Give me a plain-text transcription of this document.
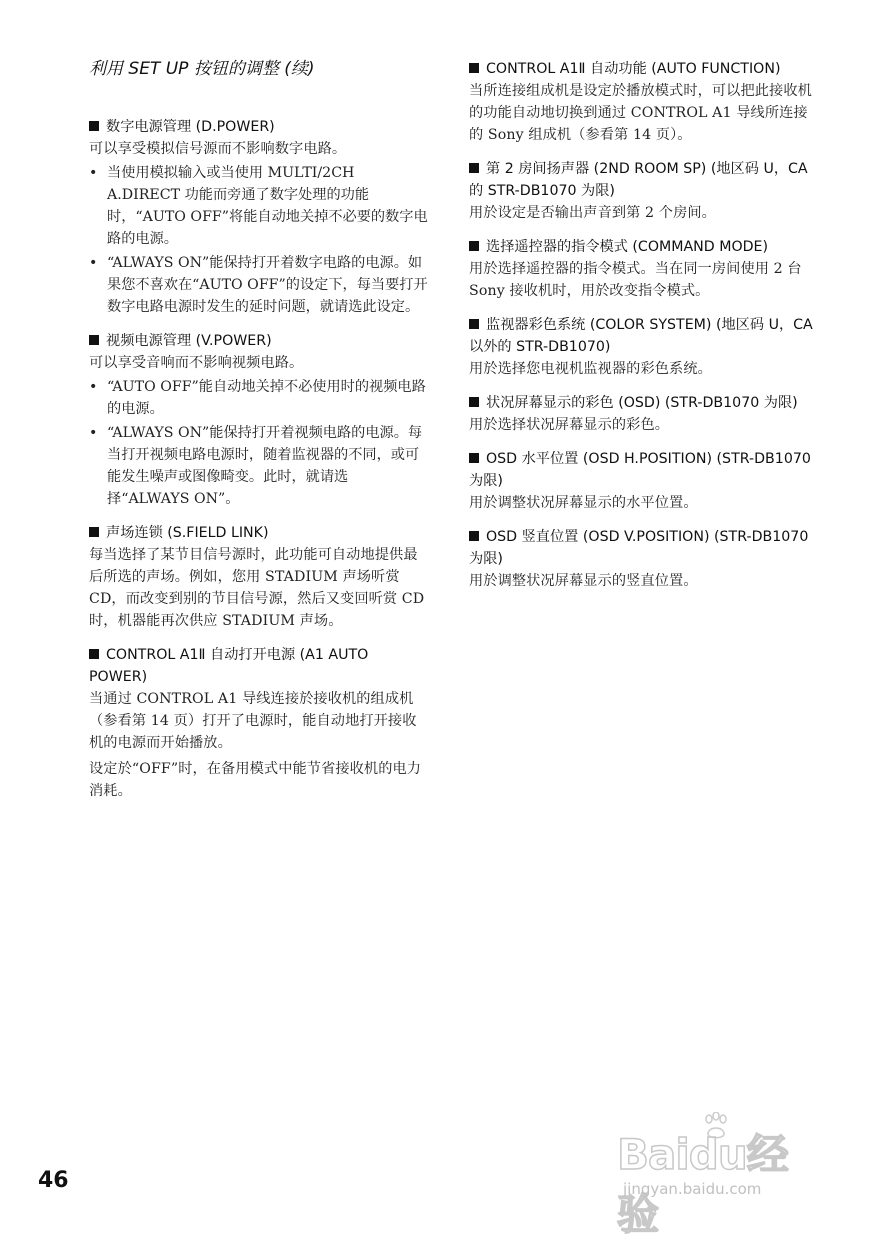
利用 SET UP 按钮的调整 (续)

数字电源管理 (D.POWER)

可以享受模拟信号源而不影响数字电路。

• 当使用模拟输入或当使用 MULTI/2CH A.DIRECT 功能而旁通了数字处理的功能时，“AUTO OFF”将能自动地关掉不必要的数字电路的电源。
• “ALWAYS ON”能保持打开着数字电路的电源。如果您不喜欢在“AUTO OFF”的设定下，每当要打开数字电路电源时发生的延时问题，就请选此设定。

视频电源管理 (V.POWER)

可以享受音响而不影响视频电路。

• “AUTO OFF”能自动地关掉不必使用时的视频电路的电源。
• “ALWAYS ON”能保持打开着视频电路的电源。每当打开视频电路电源时，随着监视器的不同，或可能发生噪声或图像畸变。此时，就请选择“ALWAYS ON”。

声场连锁 (S.FIELD LINK)

每当选择了某节目信号源时，此功能可自动地提供最后所选的声场。例如，您用 STADIUM 声场听赏 CD，而改变到别的节目信号源，然后又变回听赏 CD 时，机器能再次供应 STADIUM 声场。

CONTROL A1Ⅱ 自动打开电源 (A1 AUTO POWER)

当通过 CONTROL A1 导线连接於接收机的组成机（参看第 14 页）打开了电源时，能自动地打开接收机的电源而开始播放。

设定於“OFF”时，在备用模式中能节省接收机的电力消耗。

CONTROL A1Ⅱ 自动功能 (AUTO FUNCTION)

当所连接组成机是设定於播放模式时，可以把此接收机的功能自动地切换到通过 CONTROL A1 导线所连接的 Sony 组成机（参看第 14 页）。

第 2 房间扬声器 (2ND ROOM SP) (地区码 U，CA 的 STR-DB1070 为限)

用於设定是否输出声音到第 2 个房间。

选择遥控器的指令模式 (COMMAND MODE)

用於选择遥控器的指令模式。当在同一房间使用 2 台 Sony 接收机时，用於改变指令模式。

监视器彩色系统 (COLOR SYSTEM) (地区码 U，CA 以外的 STR-DB1070)

用於选择您电视机监视器的彩色系统。

状况屏幕显示的彩色 (OSD) (STR-DB1070 为限)

用於选择状况屏幕显示的彩色。

OSD 水平位置 (OSD H.POSITION) (STR-DB1070 为限)

用於调整状况屏幕显示的水平位置。

OSD 竖直位置 (OSD V.POSITION) (STR-DB1070 为限)

用於调整状况屏幕显示的竖直位置。

46
Baidu经验
jingyan.baidu.com
